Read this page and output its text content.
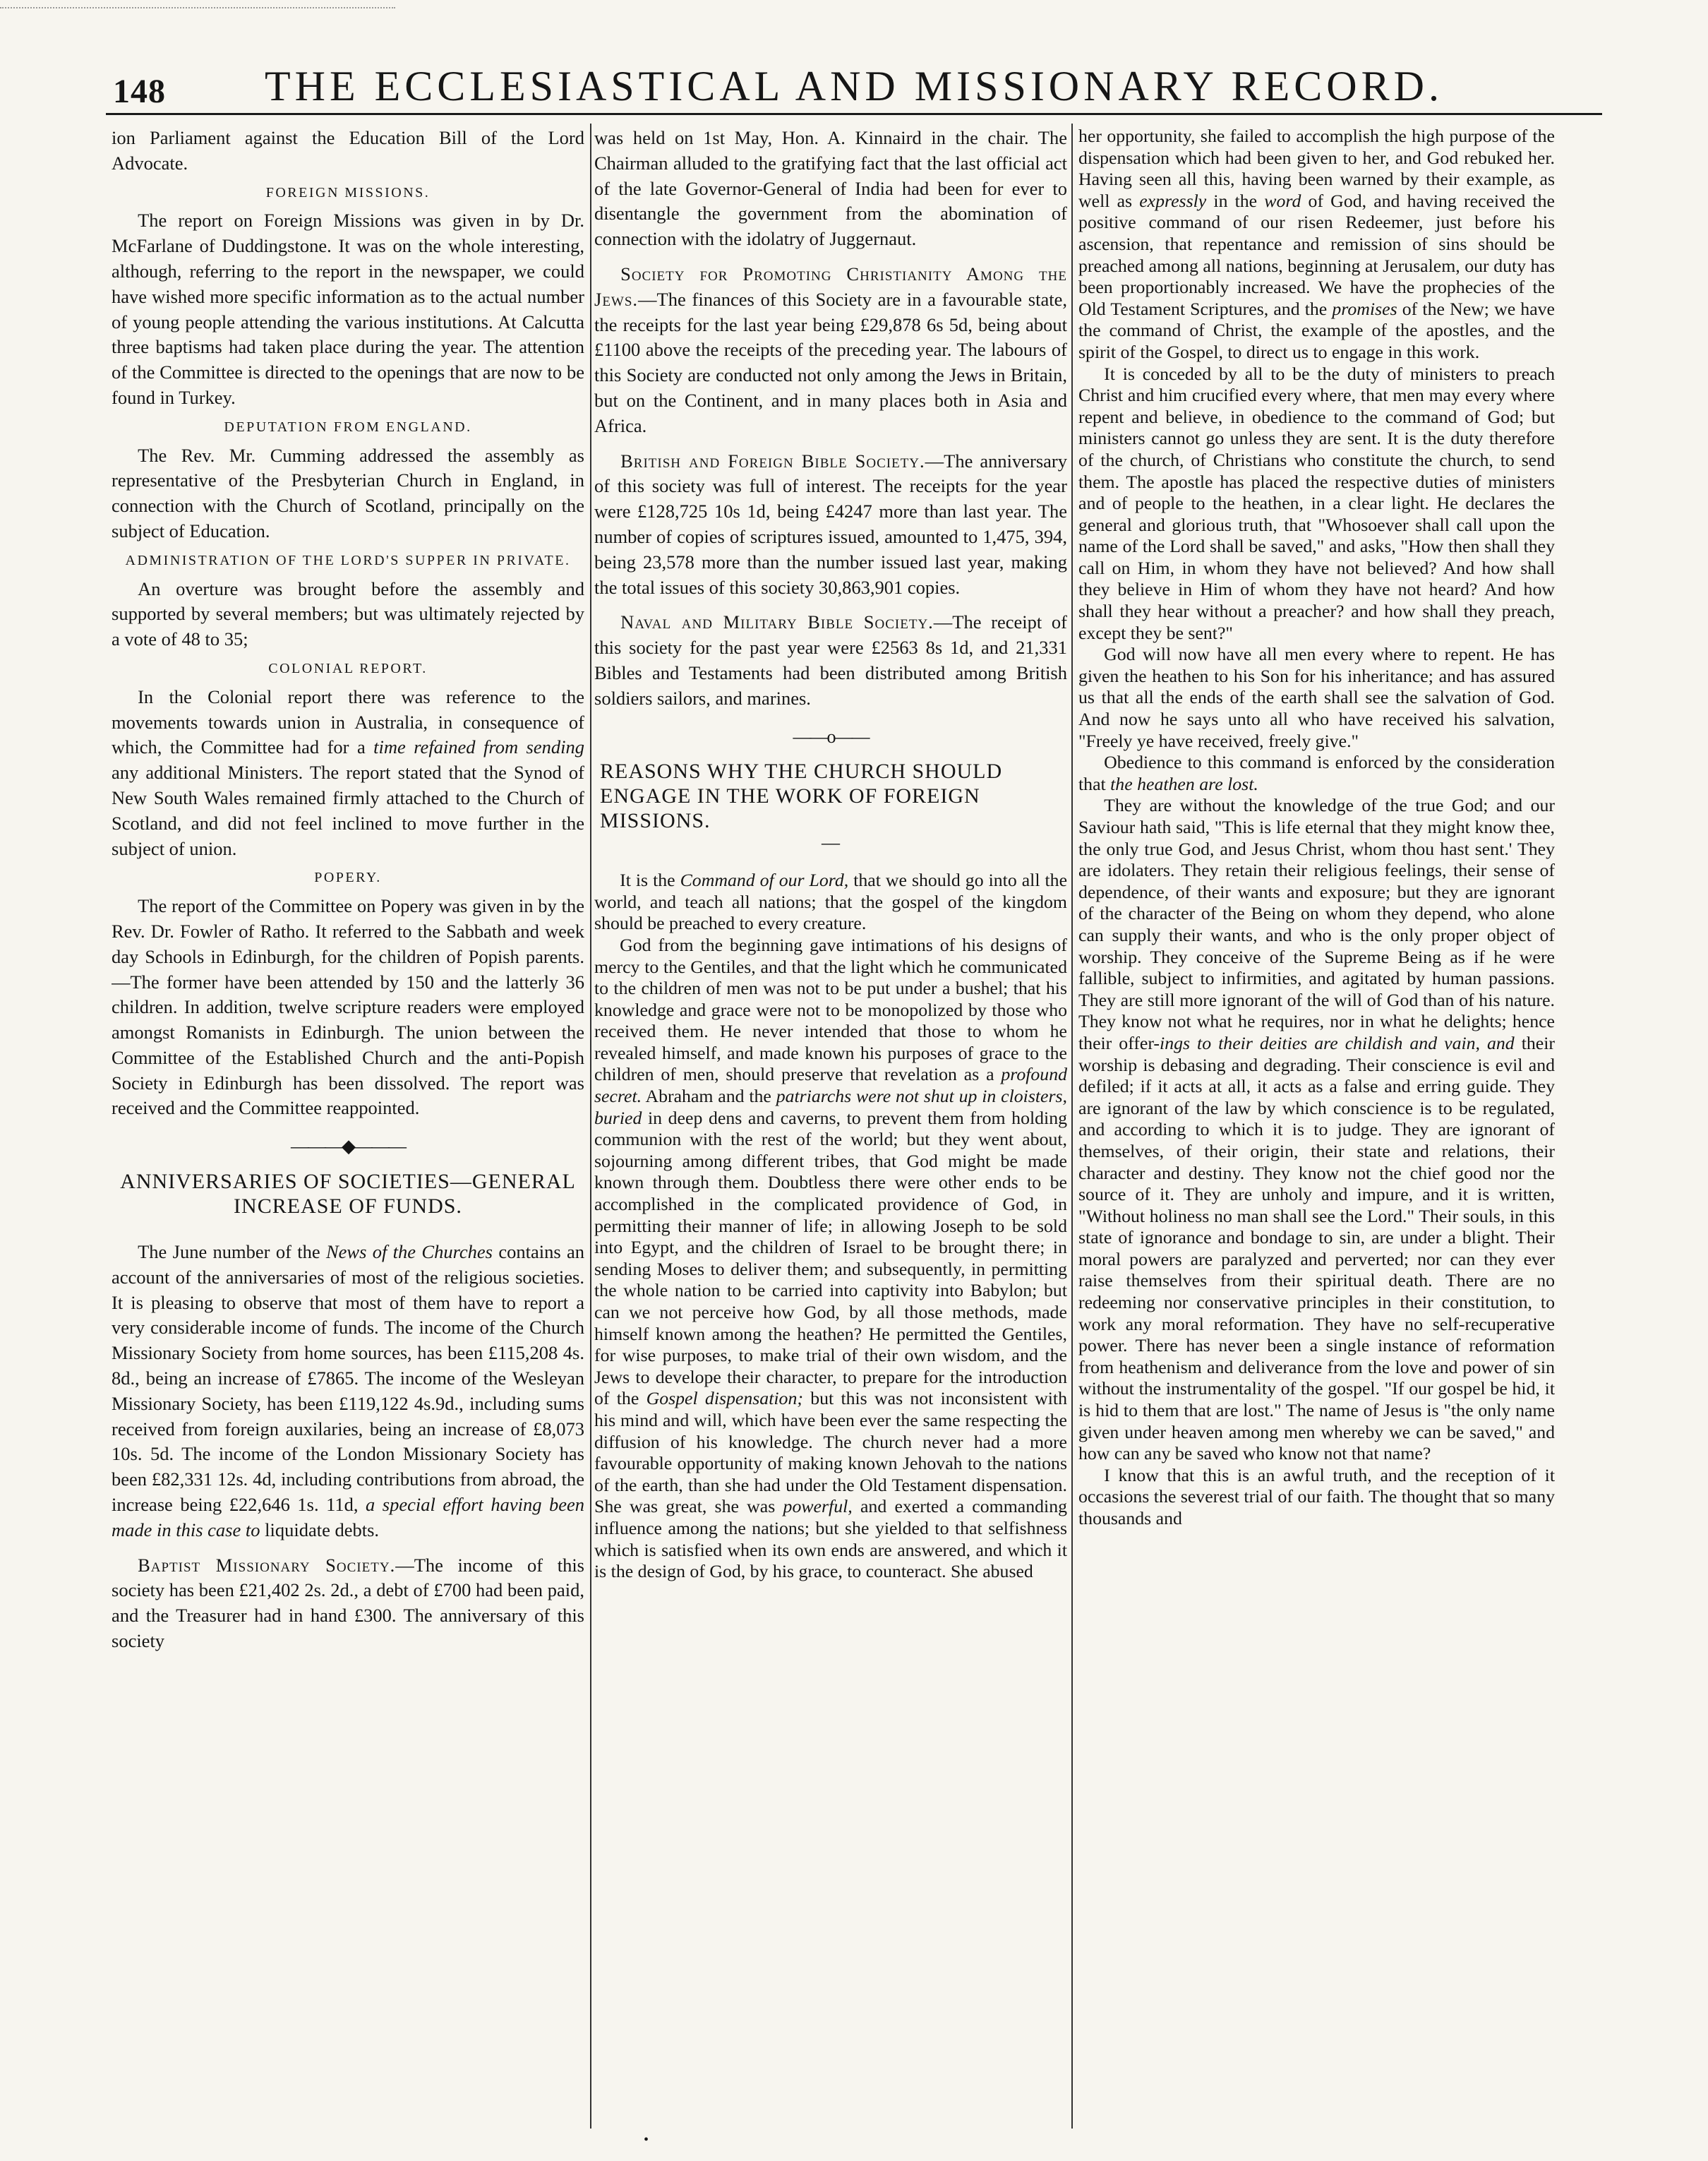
148	THE ECCLESIASTICAL AND MISSIONARY RECORD.

ion Parliament against the Education Bill of the Lord Advocate.

FOREIGN MISSIONS.

The report on Foreign Missions was given in by Dr. McFarlane of Duddingstone. It was on the whole interesting, although, referring to the report in the newspaper, we could have wished more specific information as to the actual number of young people attending the various institutions. At Calcutta three baptisms had taken place during the year. The attention of the Committee is directed to the openings that are now to be found in Turkey.

DEPUTATION FROM ENGLAND.

The Rev. Mr. Cumming addressed the assembly as representative of the Presbyterian Church in England, in connection with the Church of Scotland, principally on the subject of Education.

ADMINISTRATION OF THE LORD'S SUPPER IN PRIVATE.

An overture was brought before the assembly and supported by several members; but was ultimately rejected by a vote of 48 to 35;

COLONIAL REPORT.

In the Colonial report there was reference to the movements towards union in Australia, in consequence of which, the Committee had for a time refained from sending any additional Ministers. The report stated that the Synod of New South Wales remained firmly attached to the Church of Scotland, and did not feel inclined to move further in the subject of union.

POPERY.

The report of the Committee on Popery was given in by the Rev. Dr. Fowler of Ratho. It referred to the Sabbath and week day Schools in Edinburgh, for the children of Popish parents.—The former have been attended by 150 and the latterly 36 children. In addition, twelve scripture readers were employed amongst Romanists in Edinburgh. The union between the Committee of the Established Church and the anti-Popish Society in Edinburgh has been dissolved. The report was received and the Committee reappointed.

———◆———
ANNIVERSARIES OF SOCIETIES—GENERAL INCREASE OF FUNDS.

The June number of the News of the Churches contains an account of the anniversaries of most of the religious societies. It is pleasing to observe that most of them have to report a very considerable income of funds. The income of the Church Missionary Society from home sources, has been £115,208 4s. 8d., being an increase of £7865. The income of the Wesleyan Missionary Society, has been £119,122 4s.9d., including sums received from foreign auxilaries, being an increase of £8,073 10s. 5d. The income of the London Missionary Society has been £82,331 12s. 4d, including contributions from abroad, the increase being £22,646 1s. 11d, a special effort having been made in this case to liquidate debts.

Baptist Missionary Society.—The income of this society has been £21,402 2s. 2d., a debt of £700 had been paid, and the Treasurer had in hand £300. The anniversary of this society

was held on 1st May, Hon. A. Kinnaird in the chair. The Chairman alluded to the gratifying fact that the last official act of the late Governor-General of India had been for ever to disentangle the government from the abomination of connection with the idolatry of Juggernaut.

Society for Promoting Christianity Among the Jews.—The finances of this Society are in a favourable state, the receipts for the last year being £29,878 6s 5d, being about £1100 above the receipts of the preceding year. The labours of this Society are conducted not only among the Jews in Britain, but on the Continent, and in many places both in Asia and Africa.

British and Foreign Bible Society.—The anniversary of this society was full of interest. The receipts for the year were £128,725 10s 1d, being £4247 more than last year. The number of copies of scriptures issued, amounted to 1,475, 394, being 23,578 more than the number issued last year, making the total issues of this society 30,863,901 copies.

Naval and Military Bible Society.—The receipt of this society for the past year were £2563 8s 1d, and 21,331 Bibles and Testaments had been distributed among British soldiers sailors, and marines.

——o——
REASONS WHY THE CHURCH SHOULD ENGAGE IN THE WORK OF FOREIGN MISSIONS.
—

It is the Command of our Lord, that we should go into all the world, and teach all nations; that the gospel of the kingdom should be preached to every creature.

God from the beginning gave intimations of his designs of mercy to the Gentiles, and that the light which he communicated to the children of men was not to be put under a bushel; that his knowledge and grace were not to be monopolized by those who received them. He never intended that those to whom he revealed himself, and made known his purposes of grace to the children of men, should preserve that revelation as a profound secret. Abraham and the patriarchs were not shut up in cloisters, buried in deep dens and caverns, to prevent them from holding communion with the rest of the world; but they went about, sojourning among different tribes, that God might be made known through them. Doubtless there were other ends to be accomplished in the complicated providence of God, in permitting their manner of life; in allowing Joseph to be sold into Egypt, and the children of Israel to be brought there; in sending Moses to deliver them; and subsequently, in permitting the whole nation to be carried into captivity into Babylon; but can we not perceive how God, by all those methods, made himself known among the heathen? He permitted the Gentiles, for wise purposes, to make trial of their own wisdom, and the Jews to develope their character, to prepare for the introduction of the Gospel dispensation; but this was not inconsistent with his mind and will, which have been ever the same respecting the diffusion of his knowledge. The church never had a more favourable opportunity of making known Jehovah to the nations of the earth, than she had under the Old Testament dispensation. She was great, she was powerful, and exerted a commanding influence among the nations; but she yielded to that selfishness which is satisfied when its own ends are answered, and which it is the design of God, by his grace, to counteract. She abused

her opportunity, she failed to accomplish the high purpose of the dispensation which had been given to her, and God rebuked her. Having seen all this, having been warned by their example, as well as expressly in the word of God, and having received the positive command of our risen Redeemer, just before his ascension, that repentance and remission of sins should be preached among all nations, beginning at Jerusalem, our duty has been proportionably increased. We have the prophecies of the Old Testament Scriptures, and the promises of the New; we have the command of Christ, the example of the apostles, and the spirit of the Gospel, to direct us to engage in this work.

It is conceded by all to be the duty of ministers to preach Christ and him crucified every where, that men may every where repent and believe, in obedience to the command of God; but ministers cannot go unless they are sent. It is the duty therefore of the church, of Christians who constitute the church, to send them. The apostle has placed the respective duties of ministers and of people to the heathen, in a clear light. He declares the general and glorious truth, that "Whosoever shall call upon the name of the Lord shall be saved," and asks, "How then shall they call on Him, in whom they have not believed? And how shall they believe in Him of whom they have not heard? And how shall they hear without a preacher? and how shall they preach, except they be sent?"

God will now have all men every where to repent. He has given the heathen to his Son for his inheritance; and has assured us that all the ends of the earth shall see the salvation of God. And now he says unto all who have received his salvation, "Freely ye have received, freely give."

Obedience to this command is enforced by the consideration that the heathen are lost.

They are without the knowledge of the true God; and our Saviour hath said, "This is life eternal that they might know thee, the only true God, and Jesus Christ, whom thou hast sent.' They are idolaters. They retain their religious feelings, their sense of dependence, of their wants and exposure; but they are ignorant of the character of the Being on whom they depend, who alone can supply their wants, and who is the only proper object of worship. They conceive of the Supreme Being as if he were fallible, subject to infirmities, and agitated by human passions. They are still more ignorant of the will of God than of his nature. They know not what he requires, nor in what he delights; hence their offer-ings to their deities are childish and vain, and their worship is debasing and degrading. Their conscience is evil and defiled; if it acts at all, it acts as a false and erring guide. They are ignorant of the law by which conscience is to be regulated, and according to which it is to judge. They are ignorant of themselves, of their origin, their state and relations, their character and destiny. They know not the chief good nor the source of it. They are unholy and impure, and it is written, "Without holiness no man shall see the Lord." Their souls, in this state of ignorance and bondage to sin, are under a blight. Their moral powers are paralyzed and perverted; nor can they ever raise themselves from their spiritual death. There are no redeeming nor conservative principles in their constitution, to work any moral reformation. They have no self-recuperative power. There has never been a single instance of reformation from heathenism and deliverance from the love and power of sin without the instrumentality of the gospel. "If our gospel be hid, it is hid to them that are lost." The name of Jesus is "the only name given under heaven among men whereby we can be saved," and how can any be saved who know not that name?

I know that this is an awful truth, and the reception of it occasions the severest trial of our faith. The thought that so many thousands and

•
